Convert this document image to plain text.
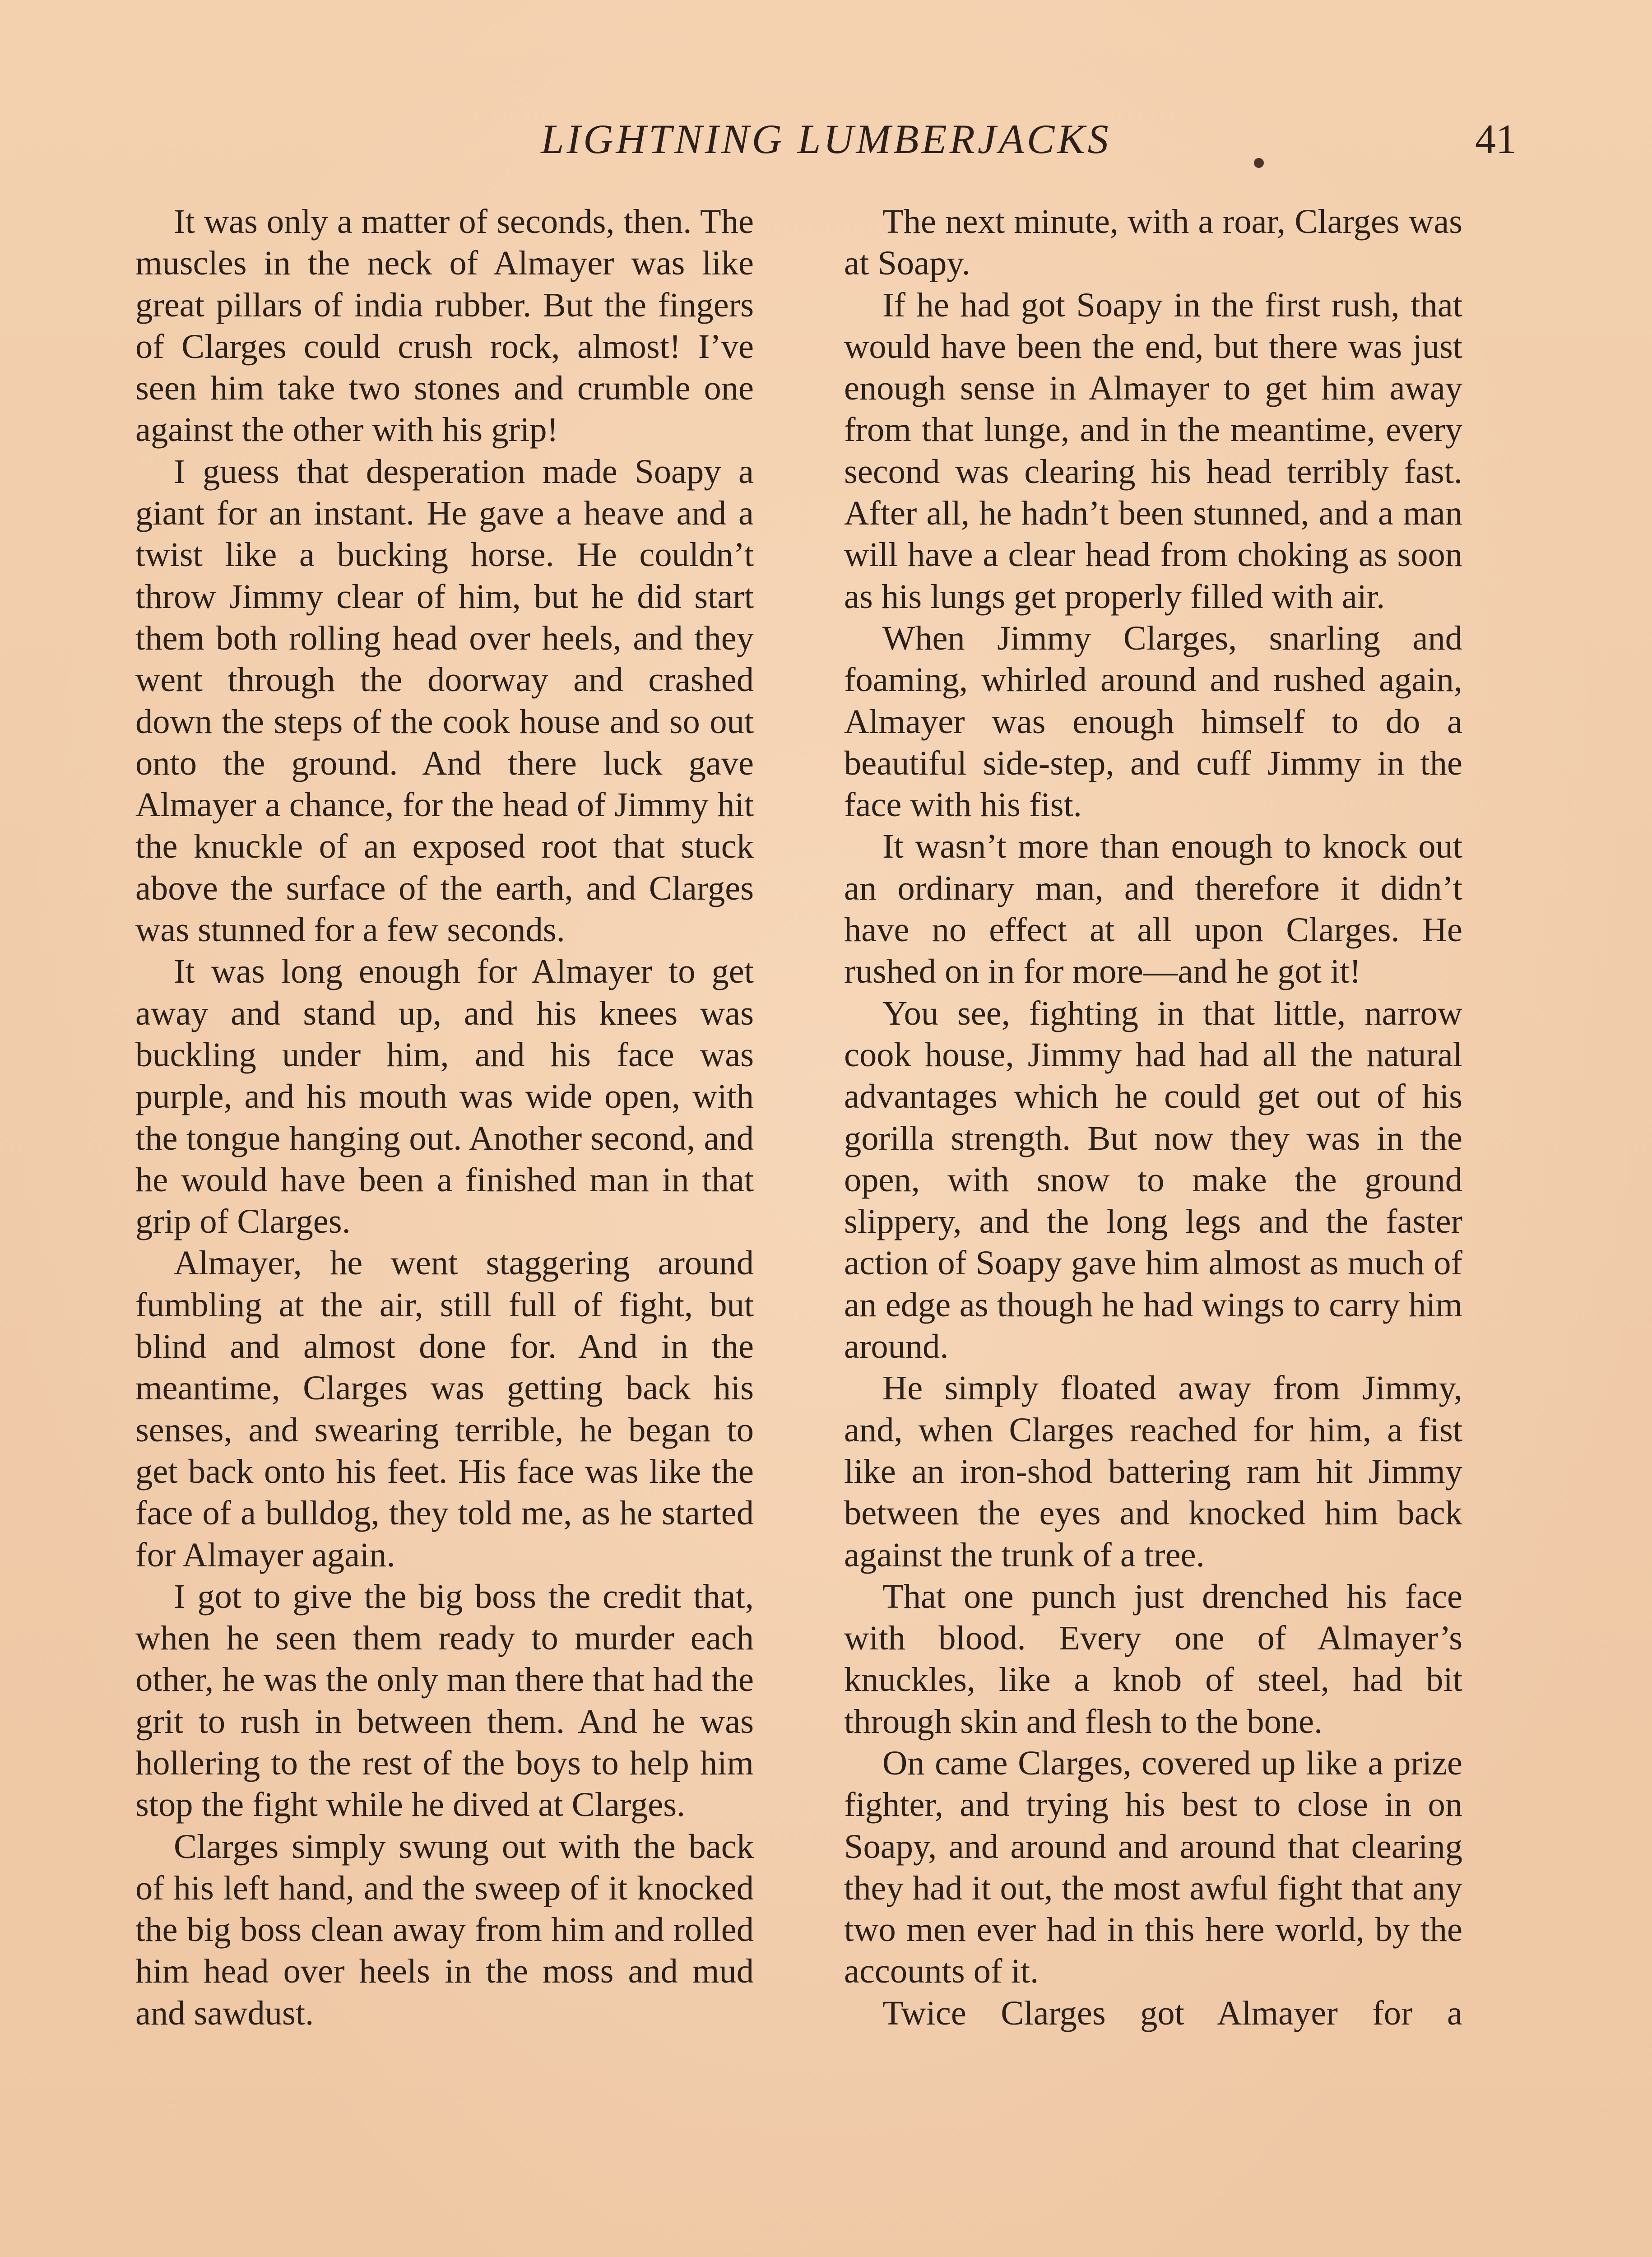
LIGHTNING LUMBERJACKS	41

It was only a matter of seconds, then. The muscles in the neck of Almayer was like great pillars of india rubber. But the fingers of Clarges could crush rock, almost! I’ve seen him take two stones and crumble one against the other with his grip!

I guess that desperation made Soapy a giant for an instant. He gave a heave and a twist like a bucking horse. He couldn’t throw Jimmy clear of him, but he did start them both rolling head over heels, and they went through the doorway and crashed down the steps of the cook house and so out onto the ground. And there luck gave Almayer a chance, for the head of Jimmy hit the knuckle of an exposed root that stuck above the surface of the earth, and Clarges was stunned for a few seconds.

It was long enough for Almayer to get away and stand up, and his knees was buckling under him, and his face was purple, and his mouth was wide open, with the tongue hanging out. Another second, and he would have been a finished man in that grip of Clarges.

Almayer, he went staggering around fumbling at the air, still full of fight, but blind and almost done for. And in the meantime, Clarges was getting back his senses, and swearing terrible, he began to get back onto his feet. His face was like the face of a bulldog, they told me, as he started for Almayer again.

I got to give the big boss the credit that, when he seen them ready to murder each other, he was the only man there that had the grit to rush in between them. And he was hollering to the rest of the boys to help him stop the fight while he dived at Clarges.

Clarges simply swung out with the back of his left hand, and the sweep of it knocked the big boss clean away from him and rolled him head over heels in the moss and mud and sawdust.

The next minute, with a roar, Clarges was at Soapy.

If he had got Soapy in the first rush, that would have been the end, but there was just enough sense in Almayer to get him away from that lunge, and in the meantime, every second was clearing his head terribly fast. After all, he hadn’t been stunned, and a man will have a clear head from choking as soon as his lungs get properly filled with air.

When Jimmy Clarges, snarling and foaming, whirled around and rushed again, Almayer was enough himself to do a beautiful side-step, and cuff Jimmy in the face with his fist.

It wasn’t more than enough to knock out an ordinary man, and therefore it didn’t have no effect at all upon Clarges. He rushed on in for more—and he got it!

You see, fighting in that little, narrow cook house, Jimmy had had all the natural advantages which he could get out of his gorilla strength. But now they was in the open, with snow to make the ground slippery, and the long legs and the faster action of Soapy gave him almost as much of an edge as though he had wings to carry him around.

He simply floated away from Jimmy, and, when Clarges reached for him, a fist like an iron-shod battering ram hit Jimmy between the eyes and knocked him back against the trunk of a tree.

That one punch just drenched his face with blood. Every one of Almayer’s knuckles, like a knob of steel, had bit through skin and flesh to the bone.

On came Clarges, covered up like a prize fighter, and trying his best to close in on Soapy, and around and around that clearing they had it out, the most awful fight that any two men ever had in this here world, by the accounts of it.

Twice Clarges got Almayer for a
